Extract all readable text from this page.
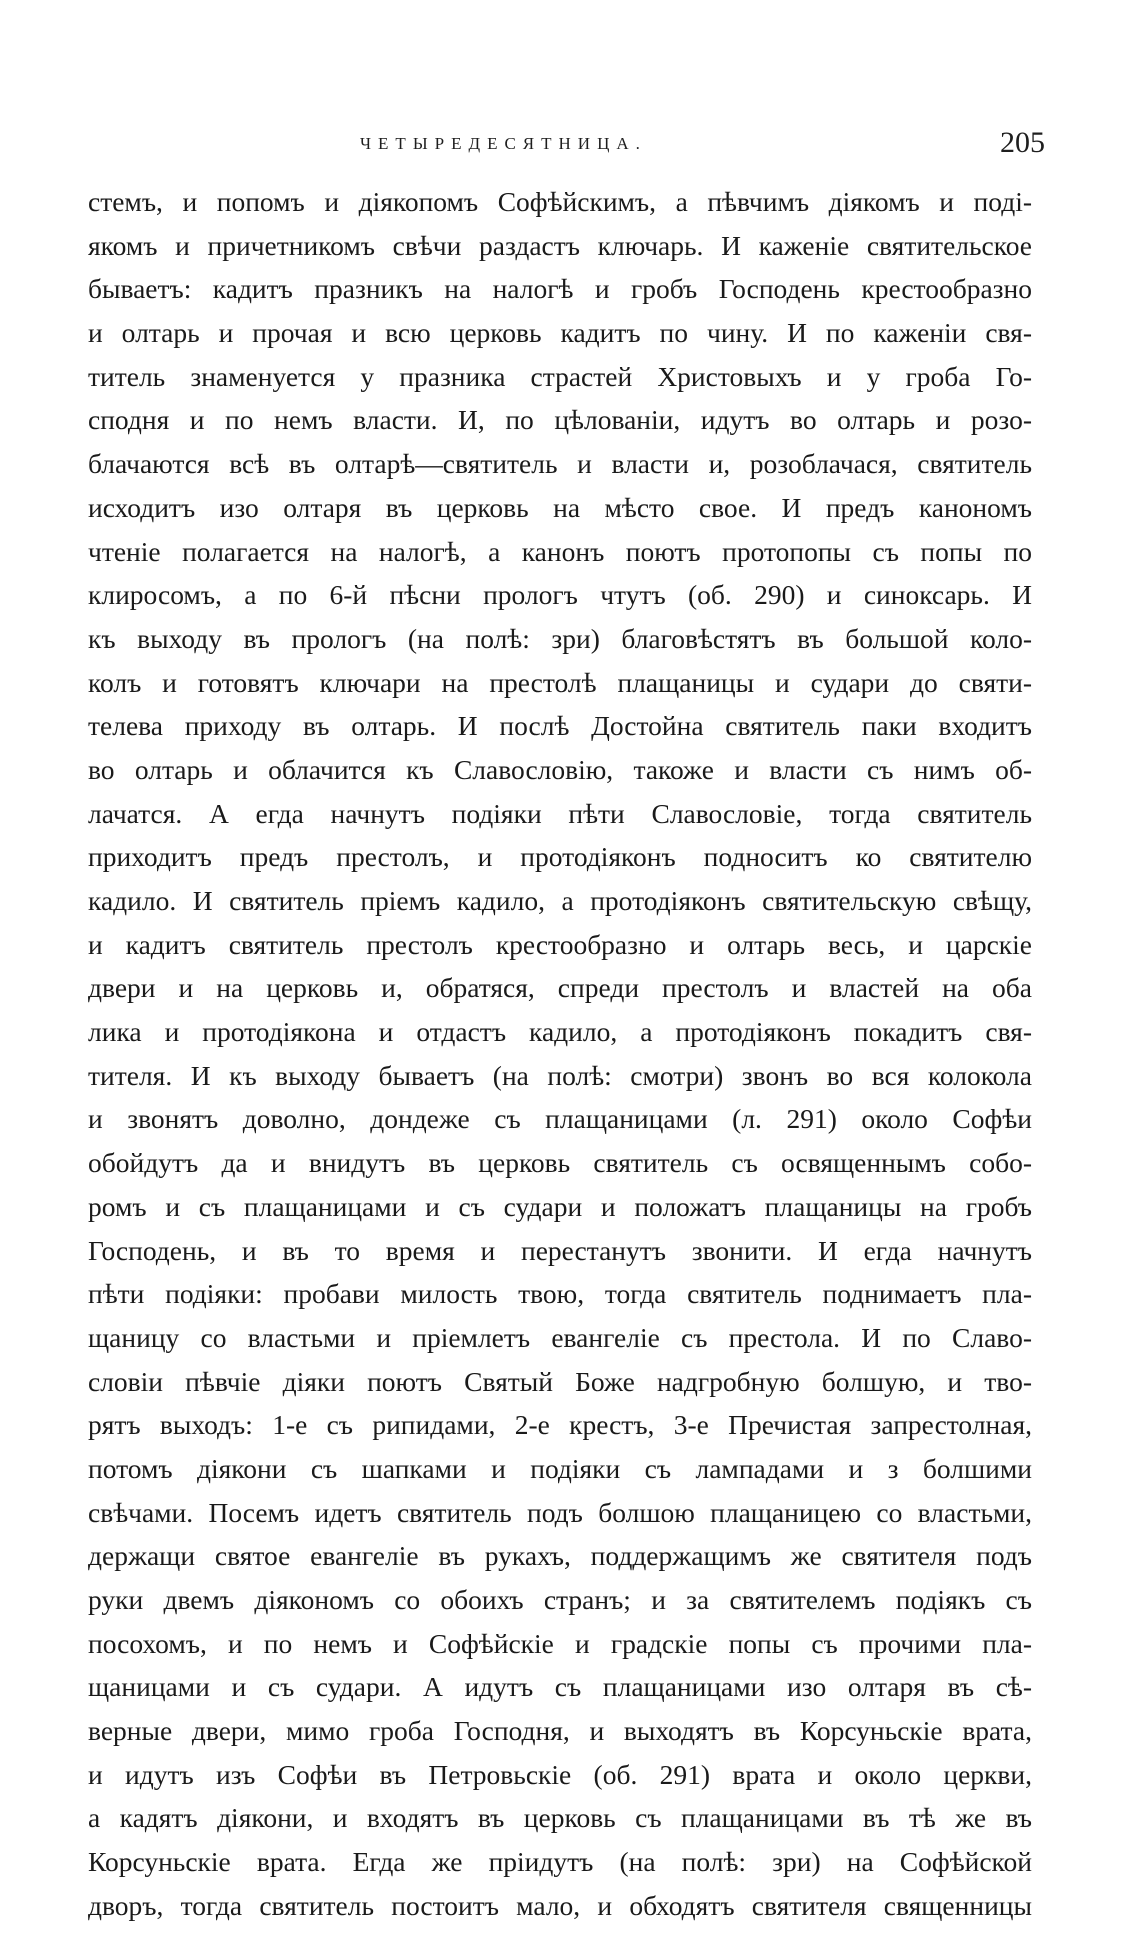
ЧЕТЫРЕДЕСЯТНИЦА.	205
стемъ, и попомъ и дiякопомъ Софѣйскимъ, а пѣвчимъ дiякомъ и подi-
якомъ и причетникомъ свѣчи раздастъ ключарь. И каженiе святительское
бываетъ: кадитъ празникъ на налогѣ и гробъ Господень крестообразно
и олтарь и прочая и всю церковь кадитъ по чину. И по каженiи свя-
титель знаменуется у празника страстей Христовыхъ и у гроба Го-
сподня и по немъ власти. И, по цѣлованiи, идутъ во олтарь и розо-
блачаются всѣ въ олтарѣ—святитель и власти и, розоблачася, святитель
исходитъ изо олтаря въ церковь на мѣсто свое. И предъ канономъ
чтенiе полагается на налогѣ, а канонъ поютъ протопопы съ попы по
клиросомъ, а по 6-й пѣсни прологъ чтутъ (об. 290) и синоксарь. И
къ выходу въ прологъ (на полѣ: зри) благовѣстятъ въ большой коло-
колъ и готовятъ ключари на престолѣ плащаницы и судари до святи-
телева приходу въ олтарь. И послѣ Достойна святитель паки входитъ
во олтарь и облачится къ Славословiю, такоже и власти съ нимъ об-
лачатся. А егда начнутъ подiяки пѣти Славословiе, тогда святитель
приходитъ предъ престолъ, и протодiяконъ подноситъ ко святителю
кадило. И святитель прiемъ кадило, а протодiяконъ святительскую свѣщу,
и кадитъ святитель престолъ крестообразно и олтарь весь, и царскiе
двери и на церковь и, обратяся, спреди престолъ и властей на оба
лика и протодiякона и отдастъ кадило, а протодiяконъ покадитъ свя-
тителя. И къ выходу бываетъ (на полѣ: смотри) звонъ во вся колокола
и звонятъ доволно, дондеже съ плащаницами (л. 291) около Софѣи
обойдутъ да и внидутъ въ церковь святитель съ освященнымъ собо-
ромъ и съ плащаницами и съ судари и положатъ плащаницы на гробъ
Господень, и въ то время и перестанутъ звонити. И егда начнутъ
пѣти подiяки: пробави милость твою, тогда святитель поднимаетъ пла-
щаницу со властьми и прiемлетъ евангелiе съ престола. И по Славо-
словiи пѣвчiе дiяки поютъ Святый Боже надгробную болшую, и тво-
рятъ выходъ: 1-е съ рипидами, 2-е крестъ, 3-е Пречистая запрестолная,
потомъ дiякони съ шапками и подiяки съ лампадами и з болшими
свѣчами. Посемъ идетъ святитель подъ болшою плащаницею со властьми,
держащи святое евангелiе въ рукахъ, поддержащимъ же святителя подъ
руки двемъ дiякономъ со обоихъ странъ; и за святителемъ подiякъ съ
посохомъ, и по немъ и Софѣйскiе и градскiе попы съ прочими пла-
щаницами и съ судари. А идутъ съ плащаницами изо олтаря въ сѣ-
верные двери, мимо гроба Господня, и выходятъ въ Корсуньскiе врата,
и идутъ изъ Софѣи въ Петровьскiе (об. 291) врата и около церкви,
а кадятъ дiякони, и входятъ въ церковь съ плащаницами въ тѣ же въ
Корсуньскiе врата. Егда же прiидутъ (на полѣ: зри) на Софѣйской
дворъ, тогда святитель постоитъ мало, и обходятъ святителя священницы
